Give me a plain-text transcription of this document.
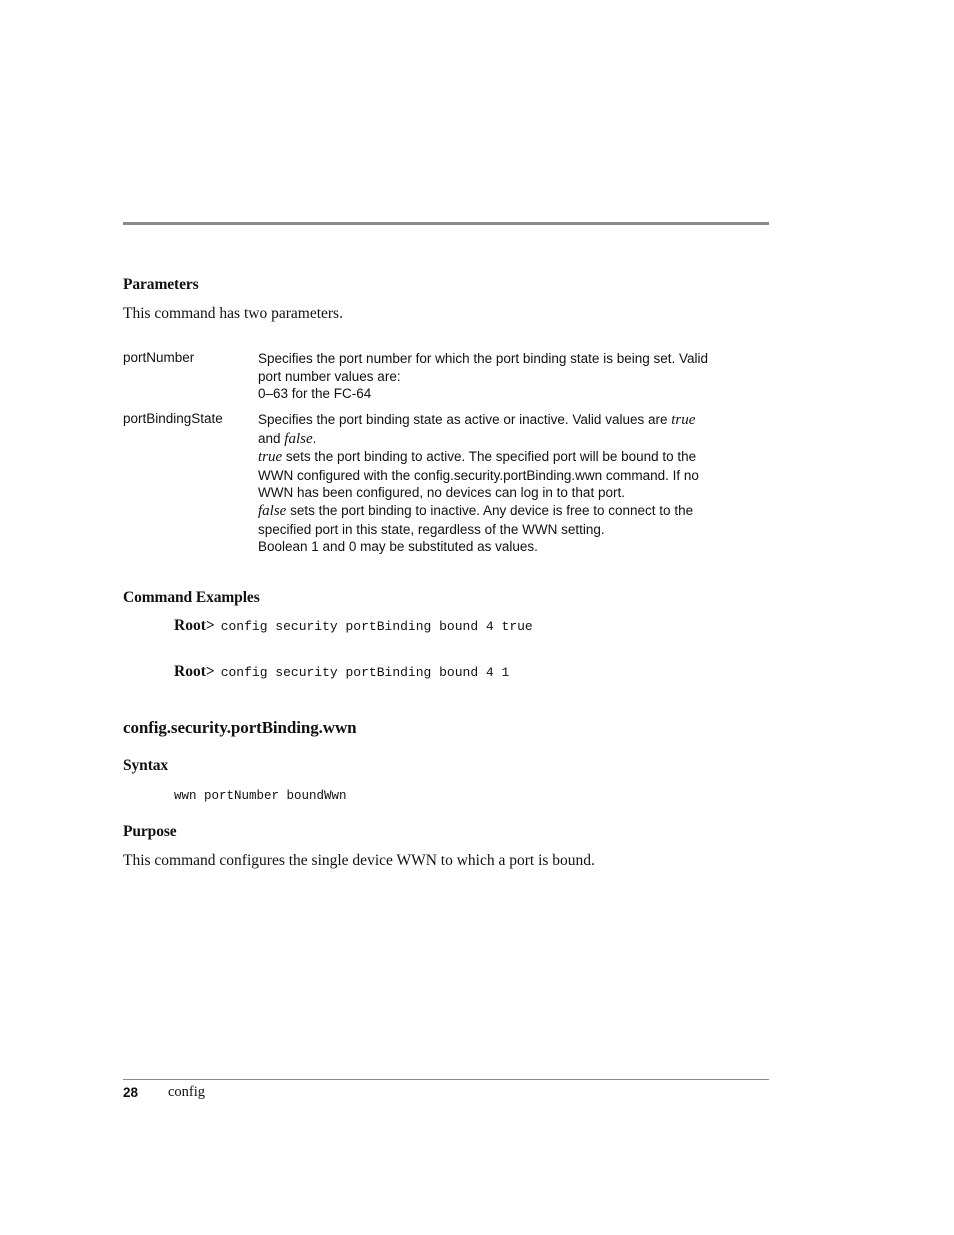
Parameters
This command has two parameters.
portNumber	Specifies the port number for which the port binding state is being set. Valid
port number values are:
0–63 for the FC-64
portBindingState	Specifies the port binding state as active or inactive. Valid values are true
and false.
true sets the port binding to active. The specified port will be bound to the
WWN configured with the config.security.portBinding.wwn command. If no
WWN has been configured, no devices can log in to that port.
false sets the port binding to inactive. Any device is free to connect to the
specified port in this state, regardless of the WWN setting.
Boolean 1 and 0 may be substituted as values.
Command Examples
Root> config security portBinding bound 4 true
Root> config security portBinding bound 4 1
config.security.portBinding.wwn
Syntax
wwn portNumber boundWwn
Purpose
This command configures the single device WWN to which a port is bound.
28 config
